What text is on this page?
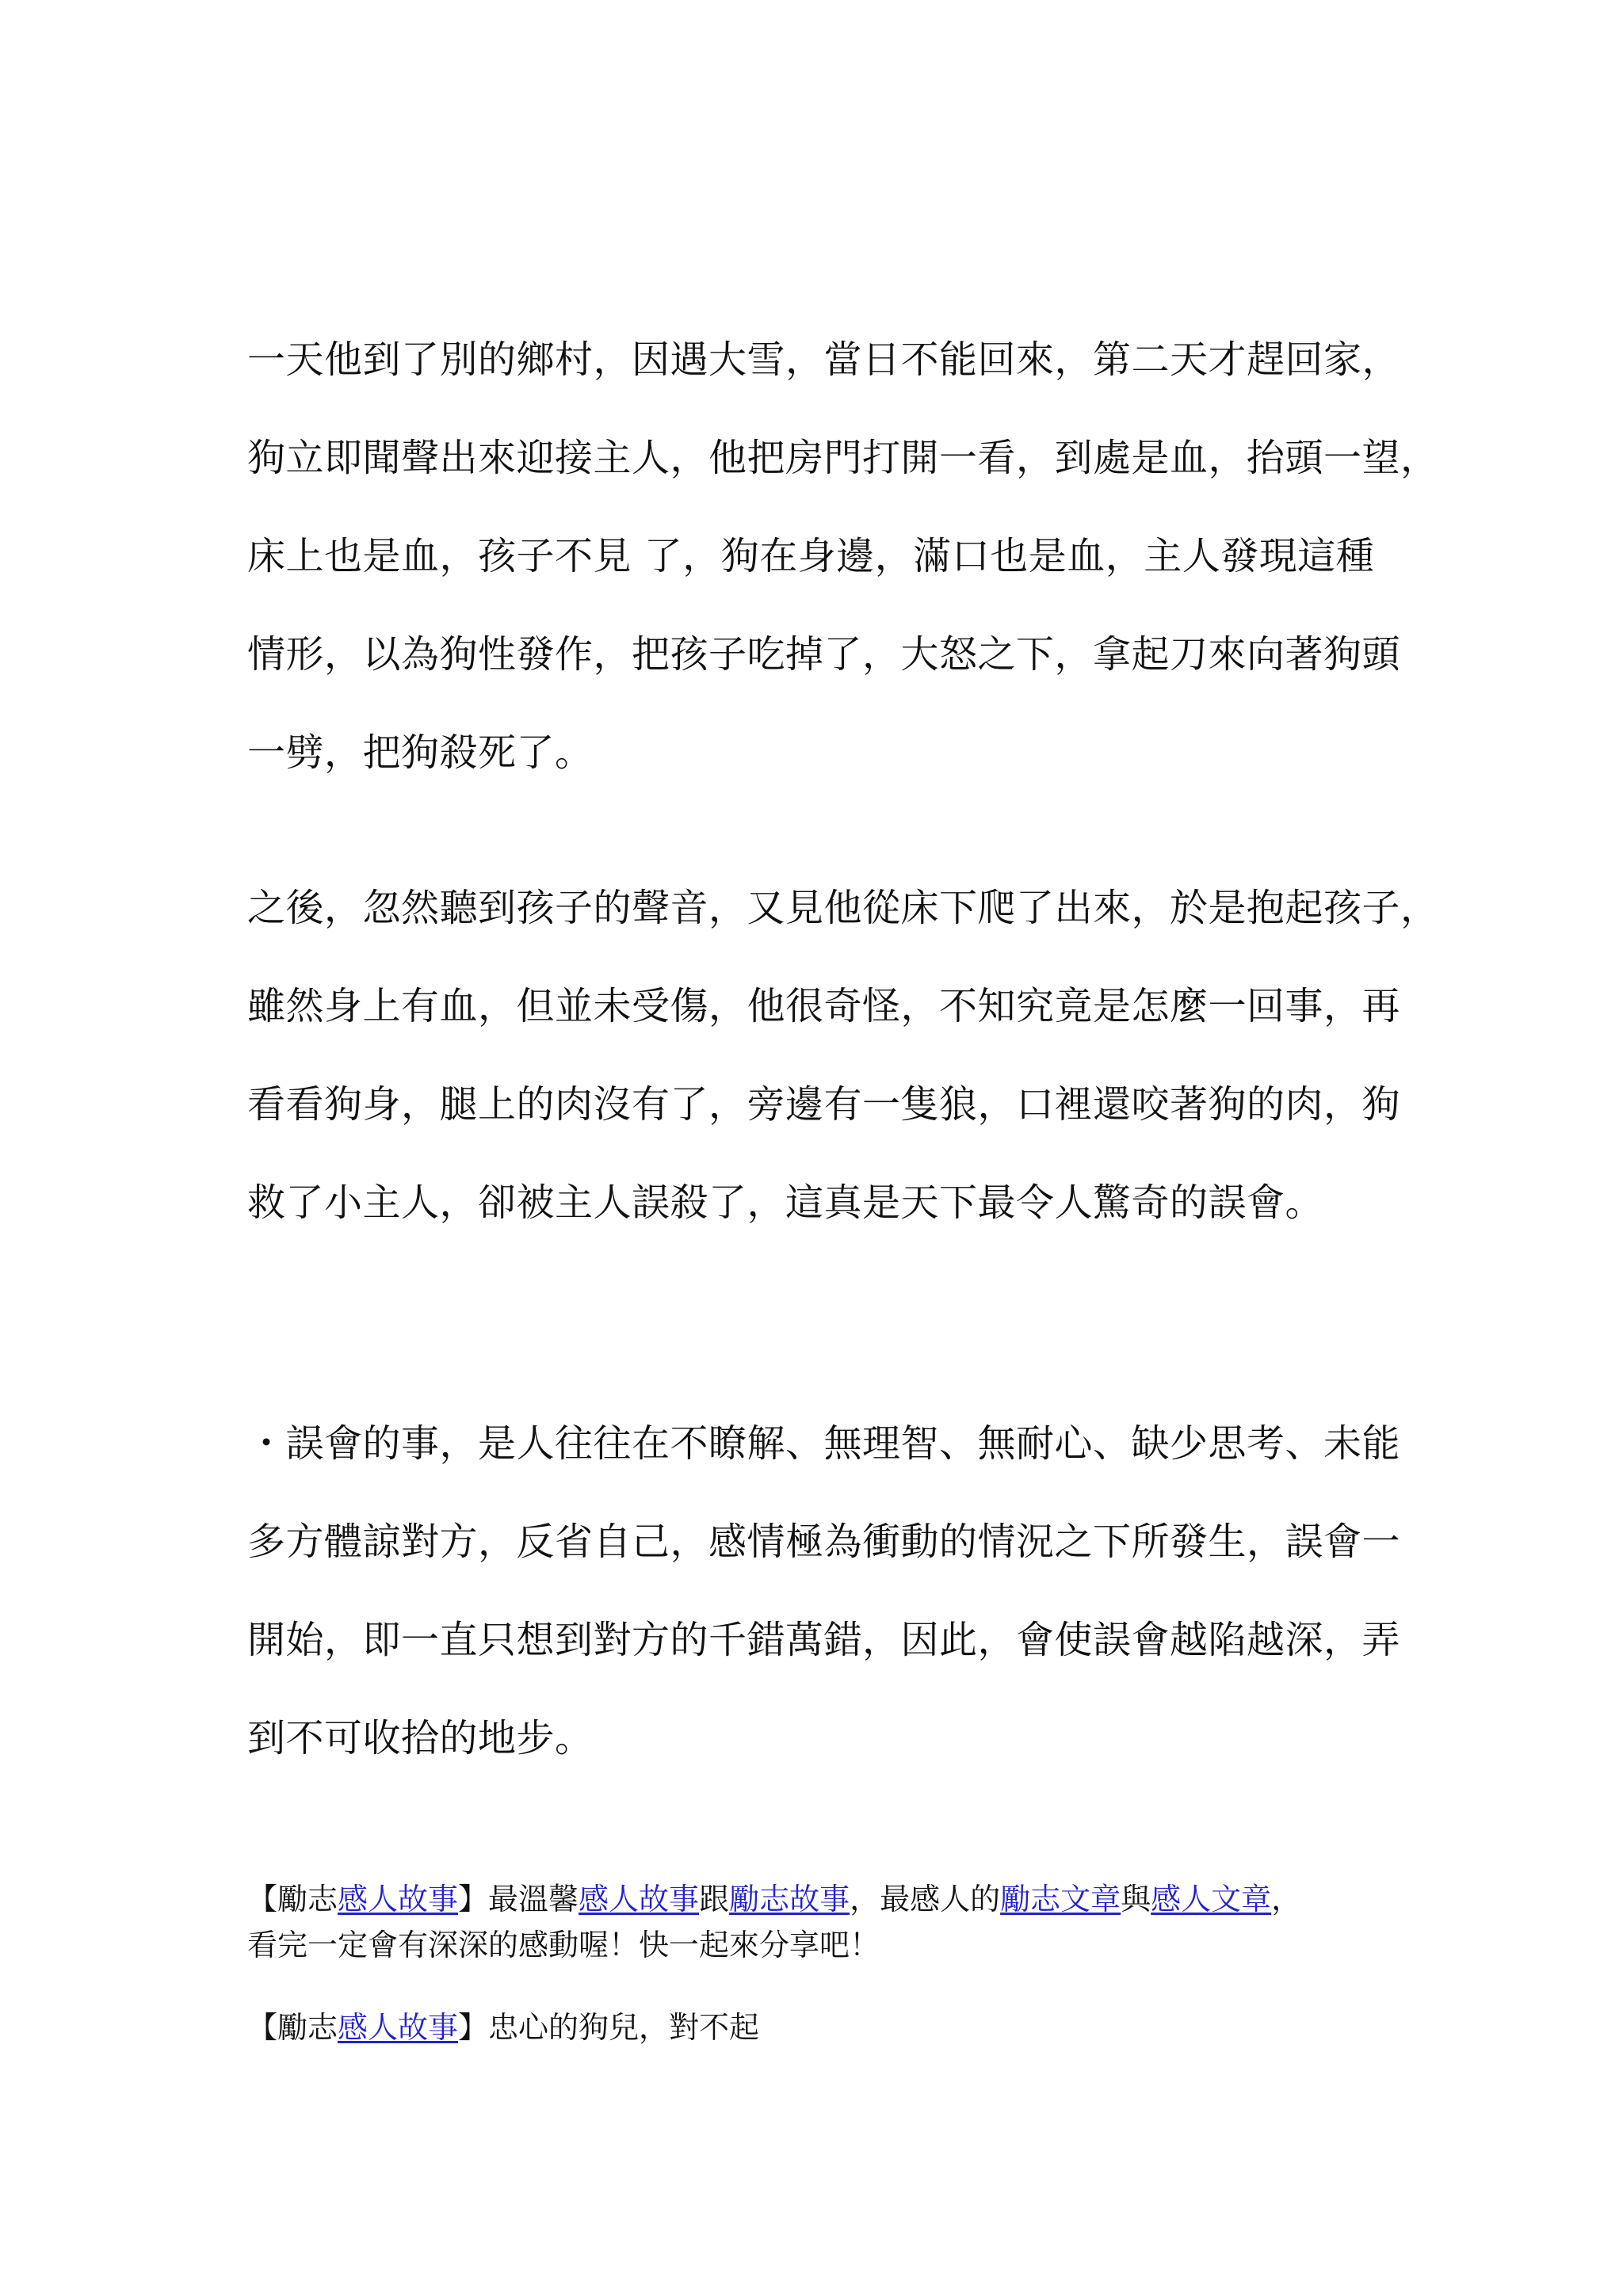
一天他到了別的鄉村，因遇大雪，當日不能回來，第二天才趕回家，
狗立即聞聲出來迎接主人，他把房門打開一看，到處是血，抬頭一望，
床上也是血，孩子不見 了，狗在身邊，滿口也是血，主人發現這種
情形，以為狗性發作，把孩子吃掉了，大怒之下，拿起刀來向著狗頭
一劈，把狗殺死了。
之後，忽然聽到孩子的聲音，又見他從床下爬了出來，於是抱起孩子，
雖然身上有血，但並未受傷，他很奇怪，不知究竟是怎麼一回事，再
看看狗身，腿上的肉沒有了，旁邊有一隻狼，口裡還咬著狗的肉，狗
救了小主人，卻被主人誤殺了，這真是天下最令人驚奇的誤會。
・誤會的事，是人往往在不瞭解、無理智、無耐心、缺少思考、未能
多方體諒對方，反省自己，感情極為衝動的情況之下所發生，誤會一
開始，即一直只想到對方的千錯萬錯，因此，會使誤會越陷越深，弄
到不可收拾的地步。
【勵志感人故事】最溫馨感人故事跟勵志故事，最感人的勵志文章與感人文章，
看完一定會有深深的感動喔！快一起來分享吧！
【勵志感人故事】忠心的狗兒，對不起
